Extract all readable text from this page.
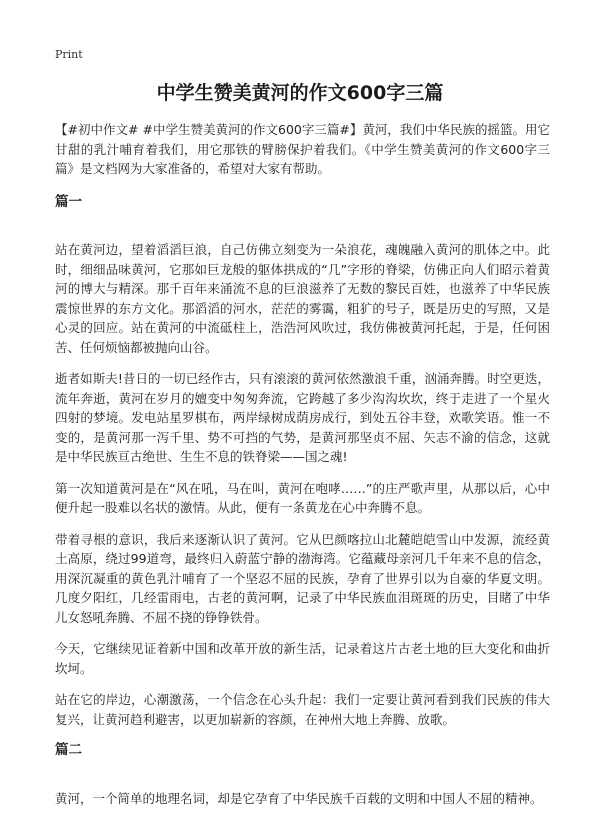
Print
中学生赞美黄河的作文600字三篇

【#初中作文# #中学生赞美黄河的作文600字三篇#】黄河，我们中华民族的摇篮。用它甘甜的乳汁哺育着我们，用它那铁的臂膀保护着我们。《中学生赞美黄河的作文600字三篇》是文档网为大家准备的，希望对大家有帮助。

篇一

站在黄河边，望着滔滔巨浪，自己仿佛立刻变为一朵浪花，魂魄融入黄河的肌体之中。此时，细细品味黄河，它那如巨龙般的躯体拱成的“几”字形的脊梁，仿佛正向人们昭示着黄河的博大与精深。那千百年来涌流不息的巨浪滋养了无数的黎民百姓，也滋养了中华民族震惊世界的东方文化。那滔滔的河水，茫茫的雾霭，粗犷的号子，既是历史的写照，又是心灵的回应。站在黄河的中流砥柱上，浩浩河风吹过，我仿佛被黄河托起，于是，任何困苦、任何烦恼都被抛向山谷。

逝者如斯夫!昔日的一切已经作古，只有滚滚的黄河依然激浪千重，汹涌奔腾。时空更迭，流年奔逝，黄河在岁月的嬗变中匆匆奔流，它跨越了多少沟沟坎坎，终于走进了一个星火四射的梦境。发电站星罗棋布，两岸绿树成荫房成行，到处五谷丰登，欢歌笑语。惟一不变的，是黄河那一泻千里、势不可挡的气势，是黄河那坚贞不屈、矢志不渝的信念，这就是中华民族亘古绝世、生生不息的铁脊梁——国之魂!

第一次知道黄河是在“风在吼，马在叫，黄河在咆哮……”的庄严歌声里，从那以后，心中便升起一股难以名状的激情。从此，便有一条黄龙在心中奔腾不息。

带着寻根的意识，我后来逐渐认识了黄河。它从巴颜喀拉山北麓皑皑雪山中发源，流经黄土高原，绕过99道弯，最终归入蔚蓝宁静的渤海湾。它蕴藏母亲河几千年来不息的信念，用深沉凝重的黄色乳汁哺育了一个坚忍不屈的民族，孕育了世界引以为自豪的华夏文明。几度夕阳红，几经雷雨电，古老的黄河啊，记录了中华民族血泪斑斑的历史，目睹了中华儿女怒吼奔腾、不屈不挠的铮铮铁骨。

今天，它继续见证着新中国和改革开放的新生活，记录着这片古老土地的巨大变化和曲折坎坷。

站在它的岸边，心潮激荡，一个信念在心头升起：我们一定要让黄河看到我们民族的伟大复兴，让黄河趋利避害，以更加崭新的容颜，在神州大地上奔腾、放歌。

篇二

黄河，一个简单的地理名词，却是它孕育了中华民族千百载的文明和中国人不屈的精神。
